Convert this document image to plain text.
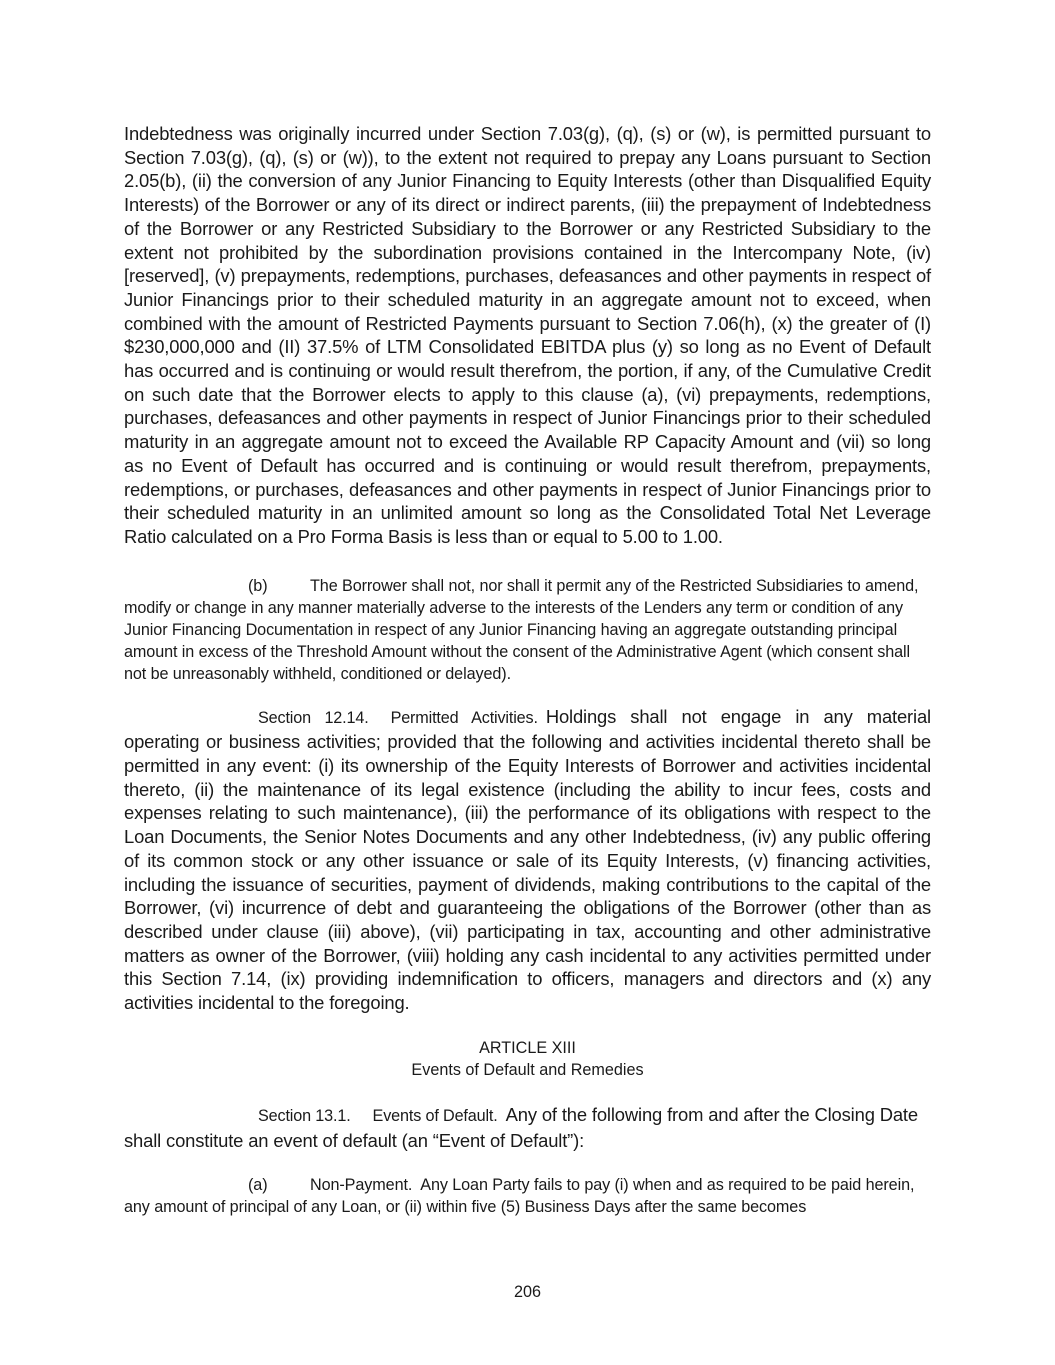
Indebtedness was originally incurred under Section 7.03(g), (q), (s) or (w), is permitted pursuant to Section 7.03(g), (q), (s) or (w)), to the extent not required to prepay any Loans pursuant to Section 2.05(b), (ii) the conversion of any Junior Financing to Equity Interests (other than Disqualified Equity Interests) of the Borrower or any of its direct or indirect parents, (iii) the prepayment of Indebtedness of the Borrower or any Restricted Subsidiary to the Borrower or any Restricted Subsidiary to the extent not prohibited by the subordination provisions contained in the Intercompany Note, (iv) [reserved], (v) prepayments, redemptions, purchases, defeasances and other payments in respect of Junior Financings prior to their scheduled maturity in an aggregate amount not to exceed, when combined with the amount of Restricted Payments pursuant to Section 7.06(h), (x) the greater of (I) $230,000,000 and (II) 37.5% of LTM Consolidated EBITDA plus (y) so long as no Event of Default has occurred and is continuing or would result therefrom, the portion, if any, of the Cumulative Credit on such date that the Borrower elects to apply to this clause (a), (vi) prepayments, redemptions, purchases, defeasances and other payments in respect of Junior Financings prior to their scheduled maturity in an aggregate amount not to exceed the Available RP Capacity Amount and (vii) so long as no Event of Default has occurred and is continuing or would result therefrom, prepayments, redemptions, or purchases, defeasances and other payments in respect of Junior Financings prior to their scheduled maturity in an unlimited amount so long as the Consolidated Total Net Leverage Ratio calculated on a Pro Forma Basis is less than or equal to 5.00 to 1.00.

(b)	The Borrower shall not, nor shall it permit any of the Restricted Subsidiaries to amend, modify or change in any manner materially adverse to the interests of the Lenders any term or condition of any Junior Financing Documentation in respect of any Junior Financing having an aggregate outstanding principal amount in excess of the Threshold Amount without the consent of the Administrative Agent (which consent shall not be unreasonably withheld, conditioned or delayed).

Section 12.14. Permitted Activities. Holdings shall not engage in any material operating or business activities; provided that the following and activities incidental thereto shall be permitted in any event: (i) its ownership of the Equity Interests of Borrower and activities incidental thereto, (ii) the maintenance of its legal existence (including the ability to incur fees, costs and expenses relating to such maintenance), (iii) the performance of its obligations with respect to the Loan Documents, the Senior Notes Documents and any other Indebtedness, (iv) any public offering of its common stock or any other issuance or sale of its Equity Interests, (v) financing activities, including the issuance of securities, payment of dividends, making contributions to the capital of the Borrower, (vi) incurrence of debt and guaranteeing the obligations of the Borrower (other than as described under clause (iii) above), (vii) participating in tax, accounting and other administrative matters as owner of the Borrower, (viii) holding any cash incidental to any activities permitted under this Section 7.14, (ix) providing indemnification to officers, managers and directors and (x) any activities incidental to the foregoing.

ARTICLE XIII
Events of Default and Remedies

Section 13.1. Events of Default. Any of the following from and after the Closing Date shall constitute an event of default (an “Event of Default”):

(a)	Non-Payment. Any Loan Party fails to pay (i) when and as required to be paid herein, any amount of principal of any Loan, or (ii) within five (5) Business Days after the same becomes

206
